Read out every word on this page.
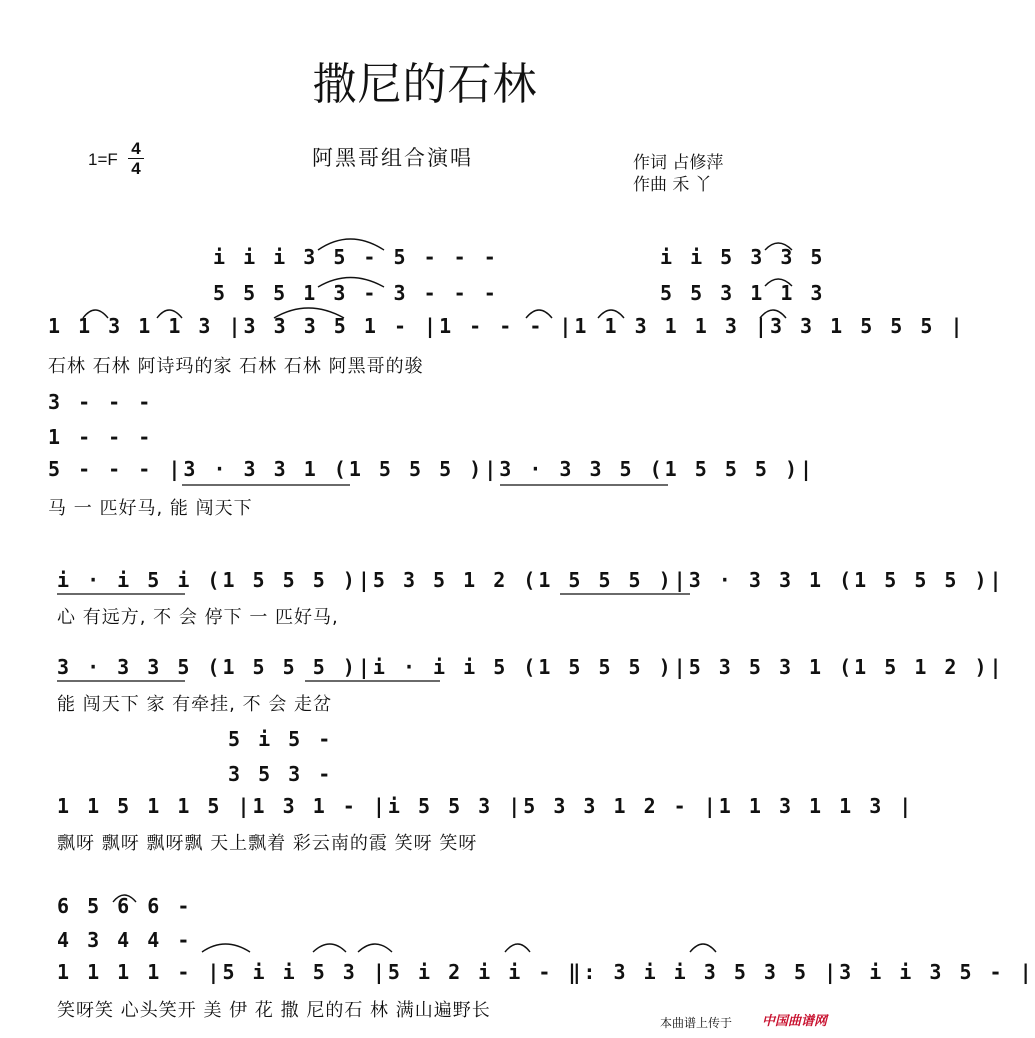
撒尼的石林
1=F
4
4	阿黑哥组合演唱	作词 占修萍
作曲 禾 丫
i i i 3 5 - 5 - - -
5 5 5 1 3 - 3 - - -
i i 5 3 3 5
5 5 3 1 1 3
1 1 3 1 1 3 |3 3 3 5 1 - |1 - - - |1 1 3 1 1 3 |3 3 1 5 5 5 |
石林 石林 阿诗玛的家 石林 石林 阿黑哥的骏
3 - - -
1 - - -
5 - - - |3 · 3 3 1 (1 5 5 5 )|3 · 3 3 5 (1 5 5 5 )|
马 一 匹好马, 能 闯天下
i · i 5 i (1 5 5 5 )|5 3 5 1 2 (1 5 5 5 )|3 · 3 3 1 (1 5 5 5 )|
心 有远方, 不 会 停下 一 匹好马,
3 · 3 3 5 (1 5 5 5 )|i · i i 5 (1 5 5 5 )|5 3 5 3 1 (1 5 1 2 )|
能 闯天下 家 有牵挂, 不 会 走岔
5 i 5 -
3 5 3 -
1 1 5 1 1 5 |1 3 1 - |i 5 5 3 |5 3 3 1 2 - |1 1 3 1 1 3 |
飘呀 飘呀 飘呀飘 天上飘着 彩云南的霞 笑呀 笑呀
6 5 6 6 -
4 3 4 4 -
1 1 1 1 - |5 i i 5 3 |5 i 2 i i - ‖: 3 i i 3 5 3 5 |3 i i 3 5 - |
笑呀笑 心头笑开 美 伊 花 撒 尼的石 林 满山遍野长
本曲谱上传于 中国曲谱网
